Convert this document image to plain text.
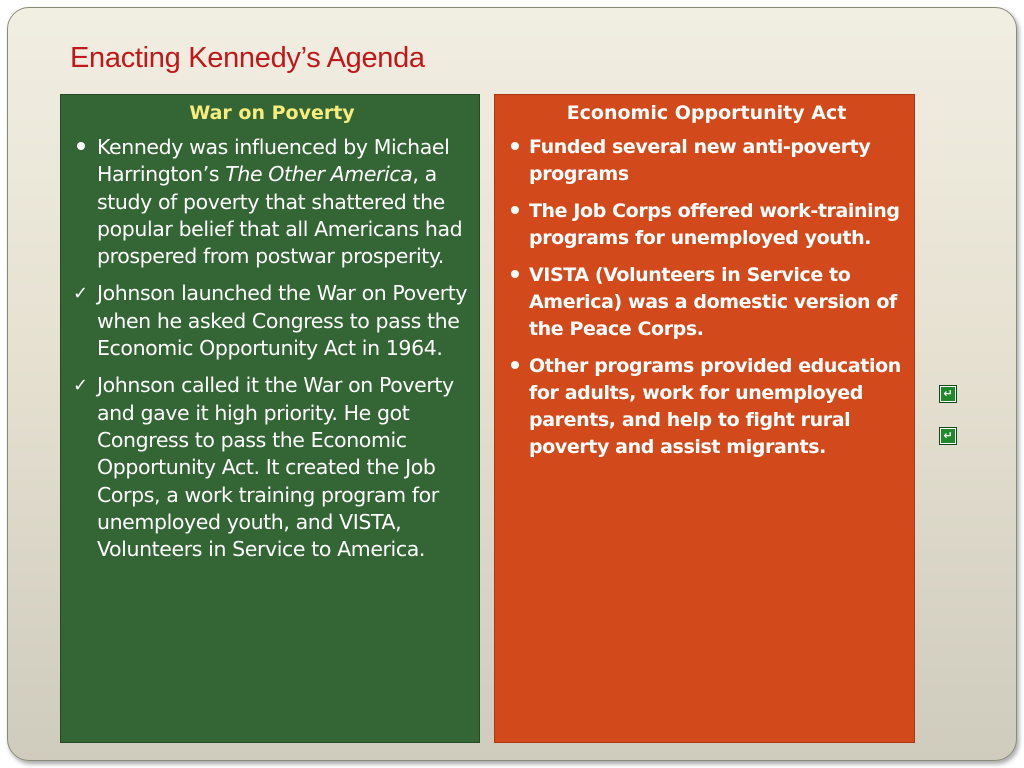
Enacting Kennedy’s Agenda
War on Poverty
Kennedy was influenced by Michael Harrington’s The Other America, a study of poverty that shattered the popular belief that all Americans had prospered from postwar prosperity.
✓ Johnson launched the War on Poverty when he asked Congress to pass the Economic Opportunity Act in 1964.
✓ Johnson called it the War on Poverty and gave it high priority. He got Congress to pass the Economic Opportunity Act. It created the Job Corps, a work training program for unemployed youth, and VISTA, Volunteers in Service to America.
Economic Opportunity Act
Funded several new anti-poverty programs
The Job Corps offered work-training programs for unemployed youth.
VISTA (Volunteers in Service to America) was a domestic version of the Peace Corps.
Other programs provided education for adults, work for unemployed parents, and help to fight rural poverty and assist migrants.
↵
↵
